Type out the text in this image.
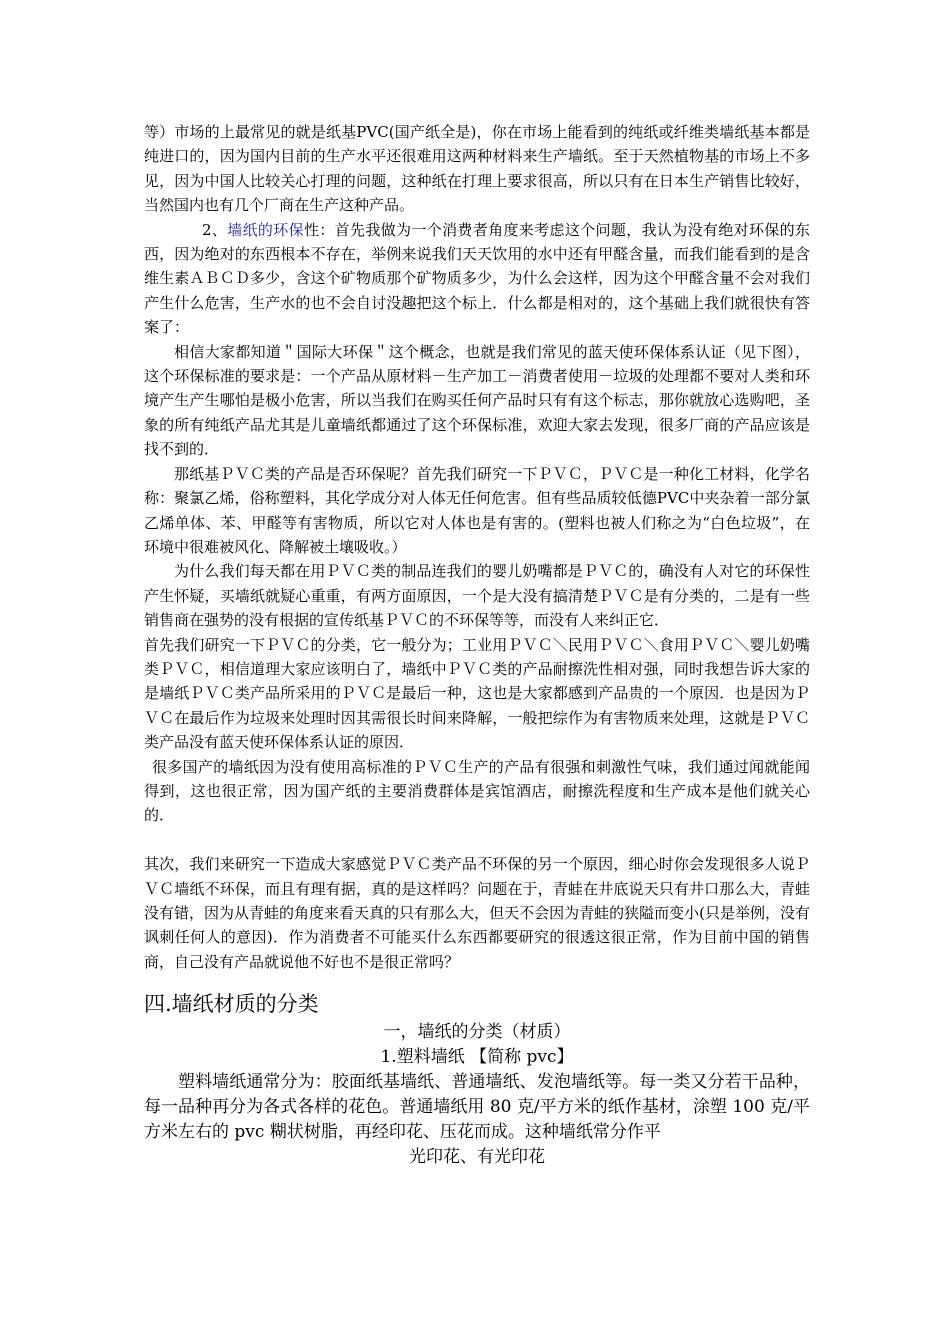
等）市场的上最常见的就是纸基PVC(国产纸全是)，你在市场上能看到的纯纸或纤维类墙纸基本都是纯进口的，因为国内目前的生产水平还很难用这两种材料来生产墙纸。至于天然植物基的市场上不多见，因为中国人比较关心打理的问题，这种纸在打理上要求很高，所以只有在日本生产销售比较好，当然国内也有几个厂商在生产这种产品。

2、墙纸的环保性：首先我做为一个消费者角度来考虑这个问题，我认为没有绝对环保的东西，因为绝对的东西根本不存在，举例来说我们天天饮用的水中还有甲醛含量，而我们能看到的是含维生素ＡＢＣＤ多少，含这个矿物质那个矿物质多少，为什么会这样，因为这个甲醛含量不会对我们产生什么危害，生产水的也不会自讨没趣把这个标上．什么都是相对的，这个基础上我们就很快有答案了：

相信大家都知道＂国际大环保＂这个概念，也就是我们常见的蓝天使环保体系认证（见下图），这个环保标准的要求是：一个产品从原材料－生产加工－消费者使用－垃圾的处理都不要对人类和环境产生产生哪怕是极小危害，所以当我们在购买任何产品时只有有这个标志，那你就放心选购吧，圣象的所有纯纸产品尤其是儿童墙纸都通过了这个环保标准，欢迎大家去发现，很多厂商的产品应该是找不到的．

那纸基ＰＶＣ类的产品是否环保呢？首先我们研究一下ＰＶＣ，ＰＶＣ是一种化工材料，化学名称：聚氯乙烯，俗称塑料，其化学成分对人体无任何危害。但有些品质较低德PVC中夹杂着一部分氯乙烯单体、苯、甲醛等有害物质，所以它对人体也是有害的。(塑料也被人们称之为“白色垃圾”，在环境中很难被风化、降解被土壤吸收。）

为什么我们每天都在用ＰＶＣ类的制品连我们的婴儿奶嘴都是ＰＶＣ的，确没有人对它的环保性产生怀疑，买墙纸就疑心重重，有两方面原因，一个是大没有搞清楚ＰＶＣ是有分类的，二是有一些销售商在强势的没有根据的宣传纸基ＰＶＣ的不环保等等，而没有人来纠正它．

首先我们研究一下ＰＶＣ的分类，它一般分为；工业用ＰＶＣ＼民用ＰＶＣ＼食用ＰＶＣ＼婴儿奶嘴类ＰＶＣ，相信道理大家应该明白了，墙纸中ＰＶＣ类的产品耐擦洗性相对强，同时我想告诉大家的是墙纸ＰＶＣ类产品所采用的ＰＶＣ是最后一种，这也是大家都感到产品贵的一个原因．也是因为ＰＶＣ在最后作为垃圾来处理时因其需很长时间来降解，一般把综作为有害物质来处理，这就是ＰＶＣ类产品没有蓝天使环保体系认证的原因．

很多国产的墙纸因为没有使用高标准的ＰＶＣ生产的产品有很强和刺激性气味，我们通过闻就能闻得到，这也很正常，因为国产纸的主要消费群体是宾馆酒店，耐擦洗程度和生产成本是他们就关心的．

其次，我们来研究一下造成大家感觉ＰＶＣ类产品不环保的另一个原因，细心时你会发现很多人说ＰＶＣ墙纸不环保，而且有理有据，真的是这样吗？问题在于，青蛙在井底说天只有井口那么大，青蛙没有错，因为从青蛙的角度来看天真的只有那么大，但天不会因为青蛙的狭隘而变小(只是举例，没有讽刺任何人的意因)．作为消费者不可能买什么东西都要研究的很透这很正常，作为目前中国的销售商，自己没有产品就说他不好也不是很正常吗？

四.墙纸材质的分类

一，墙纸的分类（材质）

1.塑料墙纸 【简称 pvc】

塑料墙纸通常分为：胶面纸基墙纸、普通墙纸、发泡墙纸等。每一类又分若干品种，每一品种再分为各式各样的花色。普通墙纸用 80 克/平方米的纸作基材，涂塑 100 克/平方米左右的 pvc 糊状树脂，再经印花、压花而成。这种墙纸常分作平

光印花、有光印花
